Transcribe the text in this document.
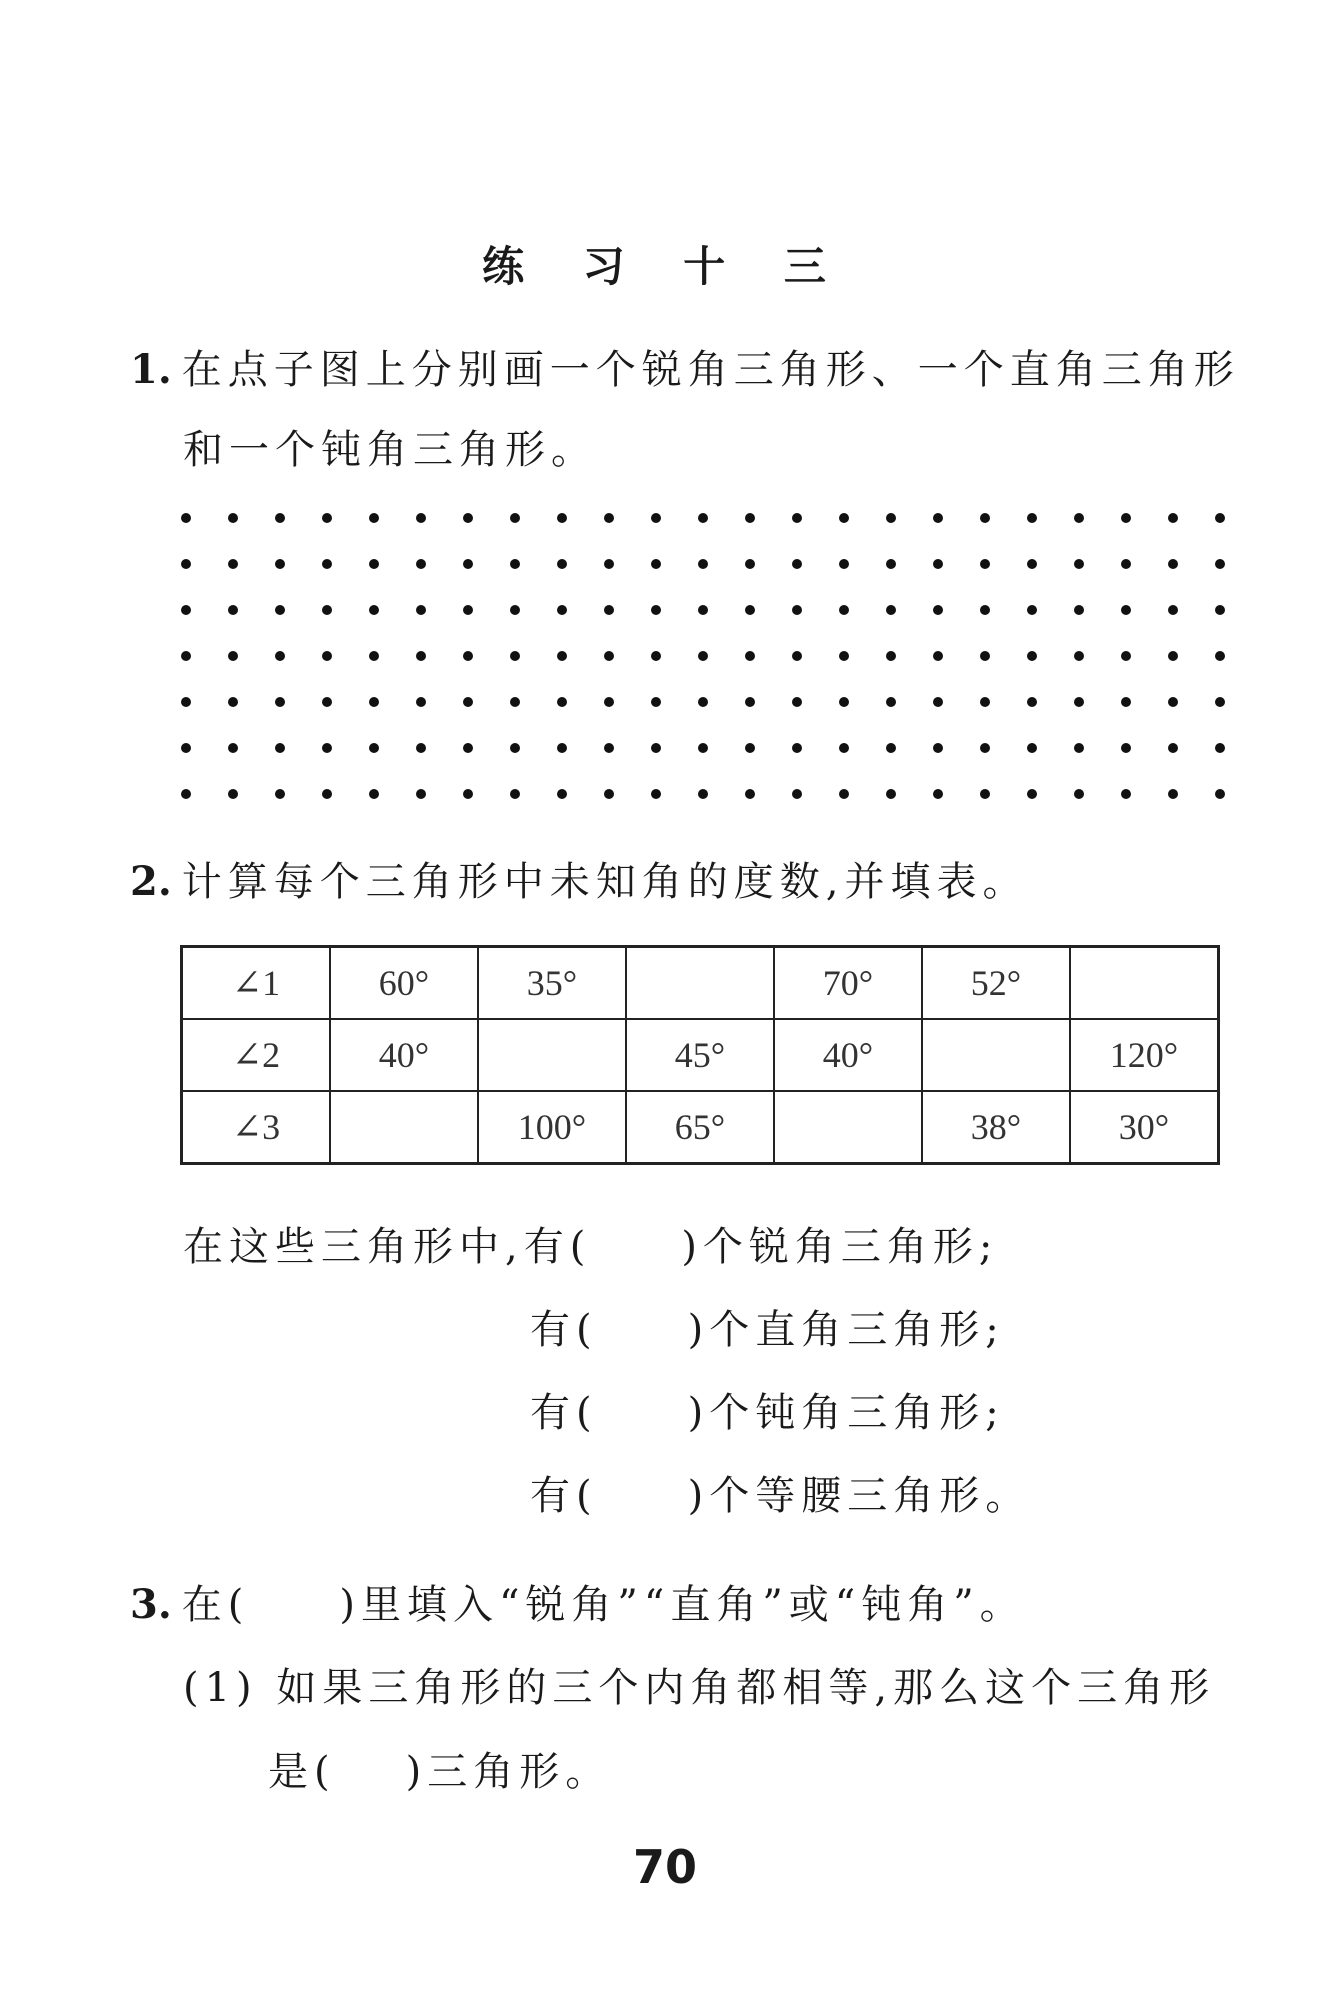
练 习 十 三
1. 在点子图上分别画一个锐角三角形、一个直角三角形
和一个钝角三角形。
2. 计算每个三角形中未知角的度数,并填表。
∠1	60°	35°		70°	52°	
∠2	40°		45°	40°		120°
∠3		100°	65°		38°	30°
在这些三角形中,有( )个锐角三角形;
有( )个直角三角形;
有( )个钝角三角形;
有( )个等腰三角形。
3. 在( )里填入“锐角”“直角”或“钝角”。
(1) 如果三角形的三个内角都相等,那么这个三角形
是( )三角形。
70
